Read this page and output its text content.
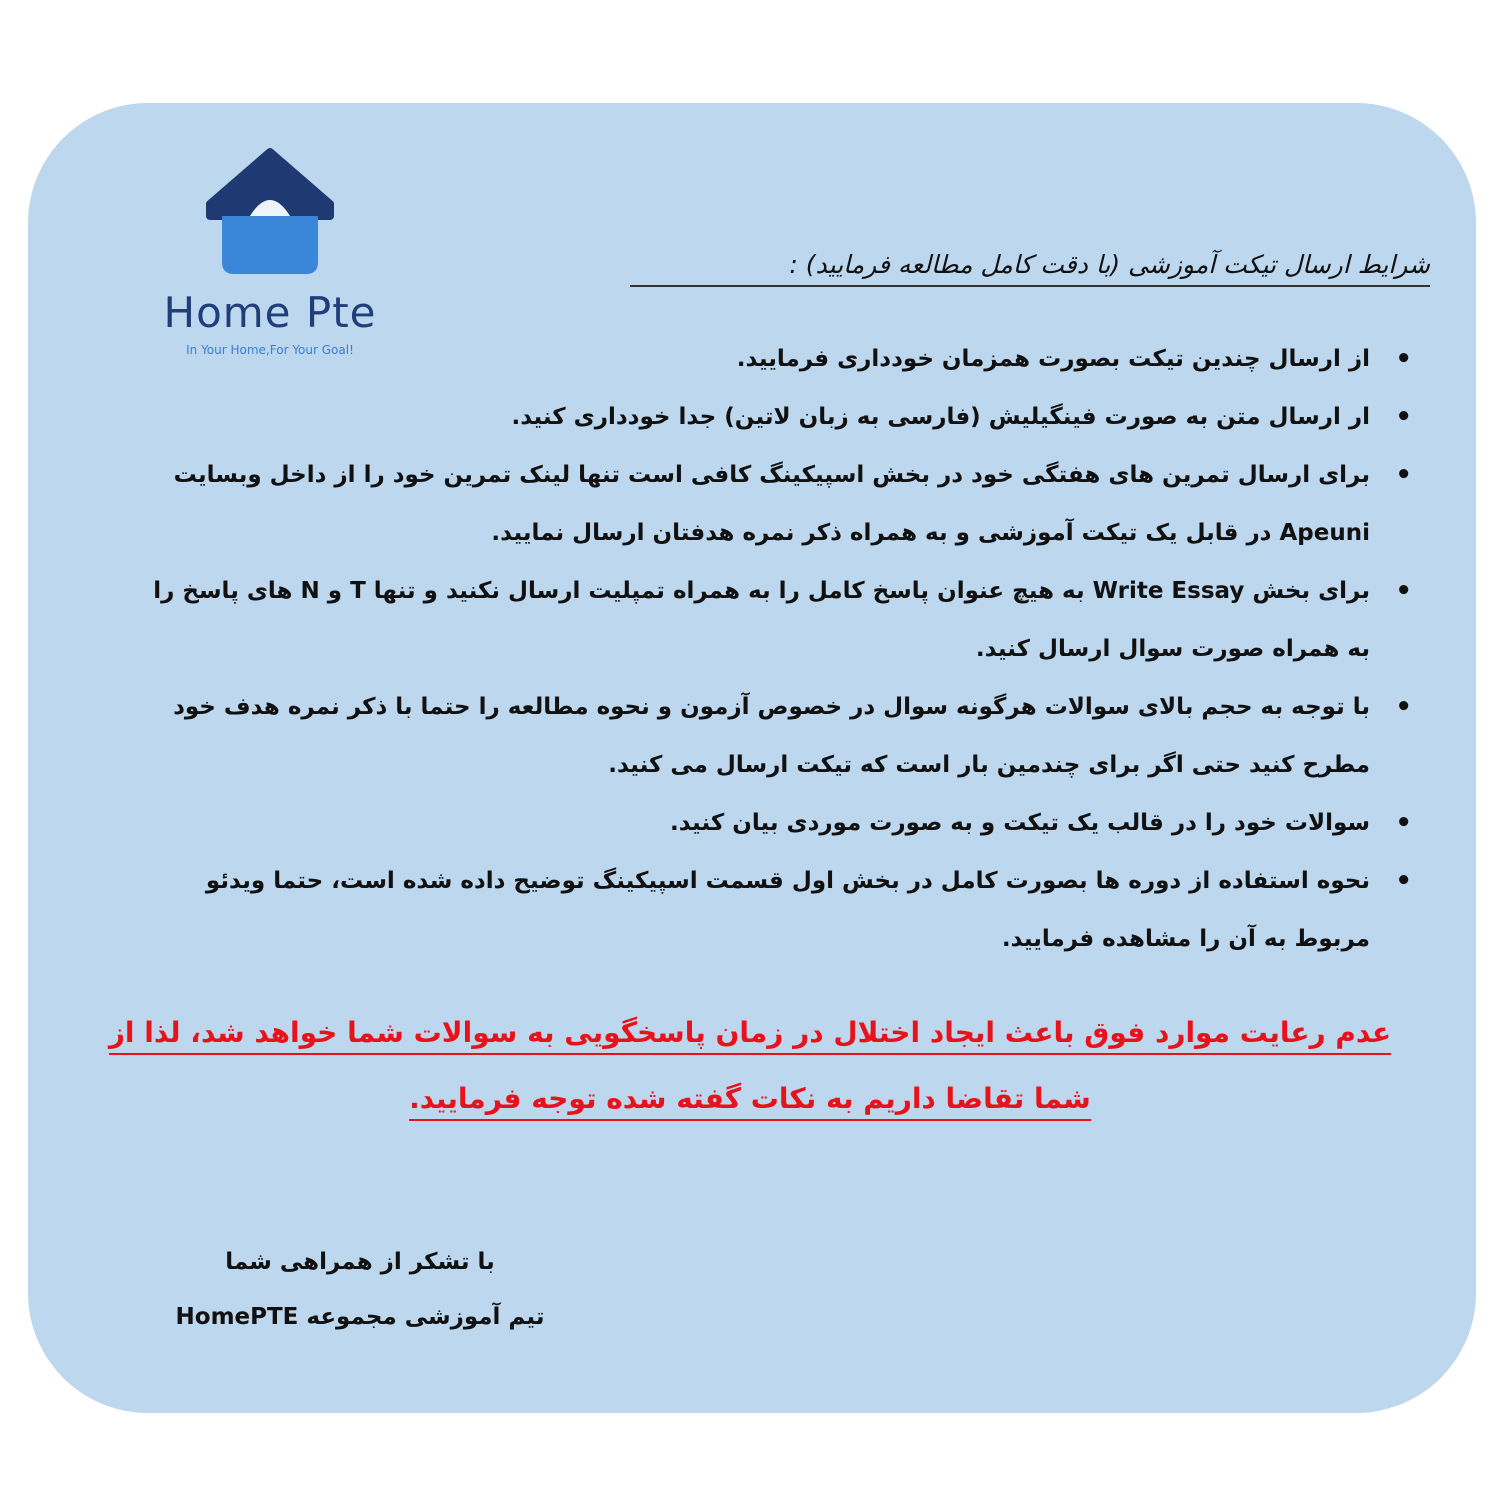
Home Pte
In Your Home,For Your Goal!
شرایط ارسال تیکت آموزشی (با دقت کامل مطالعه فرمایید) :
•
از ارسال چندین تیکت بصورت همزمان خودداری فرمایید.
•
ار ارسال متن به صورت فینگیلیش (فارسی به زبان لاتین) جدا خودداری کنید.
•
برای ارسال تمرین های هفتگی خود در بخش اسپیکینگ کافی است تنها لینک تمرین خود را از داخل وبسایت Apeuni در قابل یک تیکت آموزشی و به همراه ذکر نمره هدفتان ارسال نمایید.
•
برای بخش Write Essay به هیچ عنوان پاسخ کامل را به همراه تمپلیت ارسال نکنید و تنها T و N های پاسخ را به همراه صورت سوال ارسال کنید.
•
با توجه به حجم بالای سوالات هرگونه سوال در خصوص آزمون و نحوه مطالعه را حتما با ذکر نمره هدف خود مطرح کنید حتی اگر برای چندمین بار است که تیکت ارسال می کنید.
•
سوالات خود را در قالب یک تیکت و به صورت موردی بیان کنید.
•
نحوه استفاده از دوره ها بصورت کامل در بخش اول قسمت اسپیکینگ توضیح داده شده است، حتما ویدئو مربوط به آن را مشاهده فرمایید.
عدم رعایت موارد فوق باعث ایجاد اختلال در زمان پاسخگویی به سوالات شما خواهد شد، لذا از شما تقاضا داریم به نکات گفته شده توجه فرمایید.
با تشکر از همراهی شما
تیم آموزشی مجموعه HomePTE
